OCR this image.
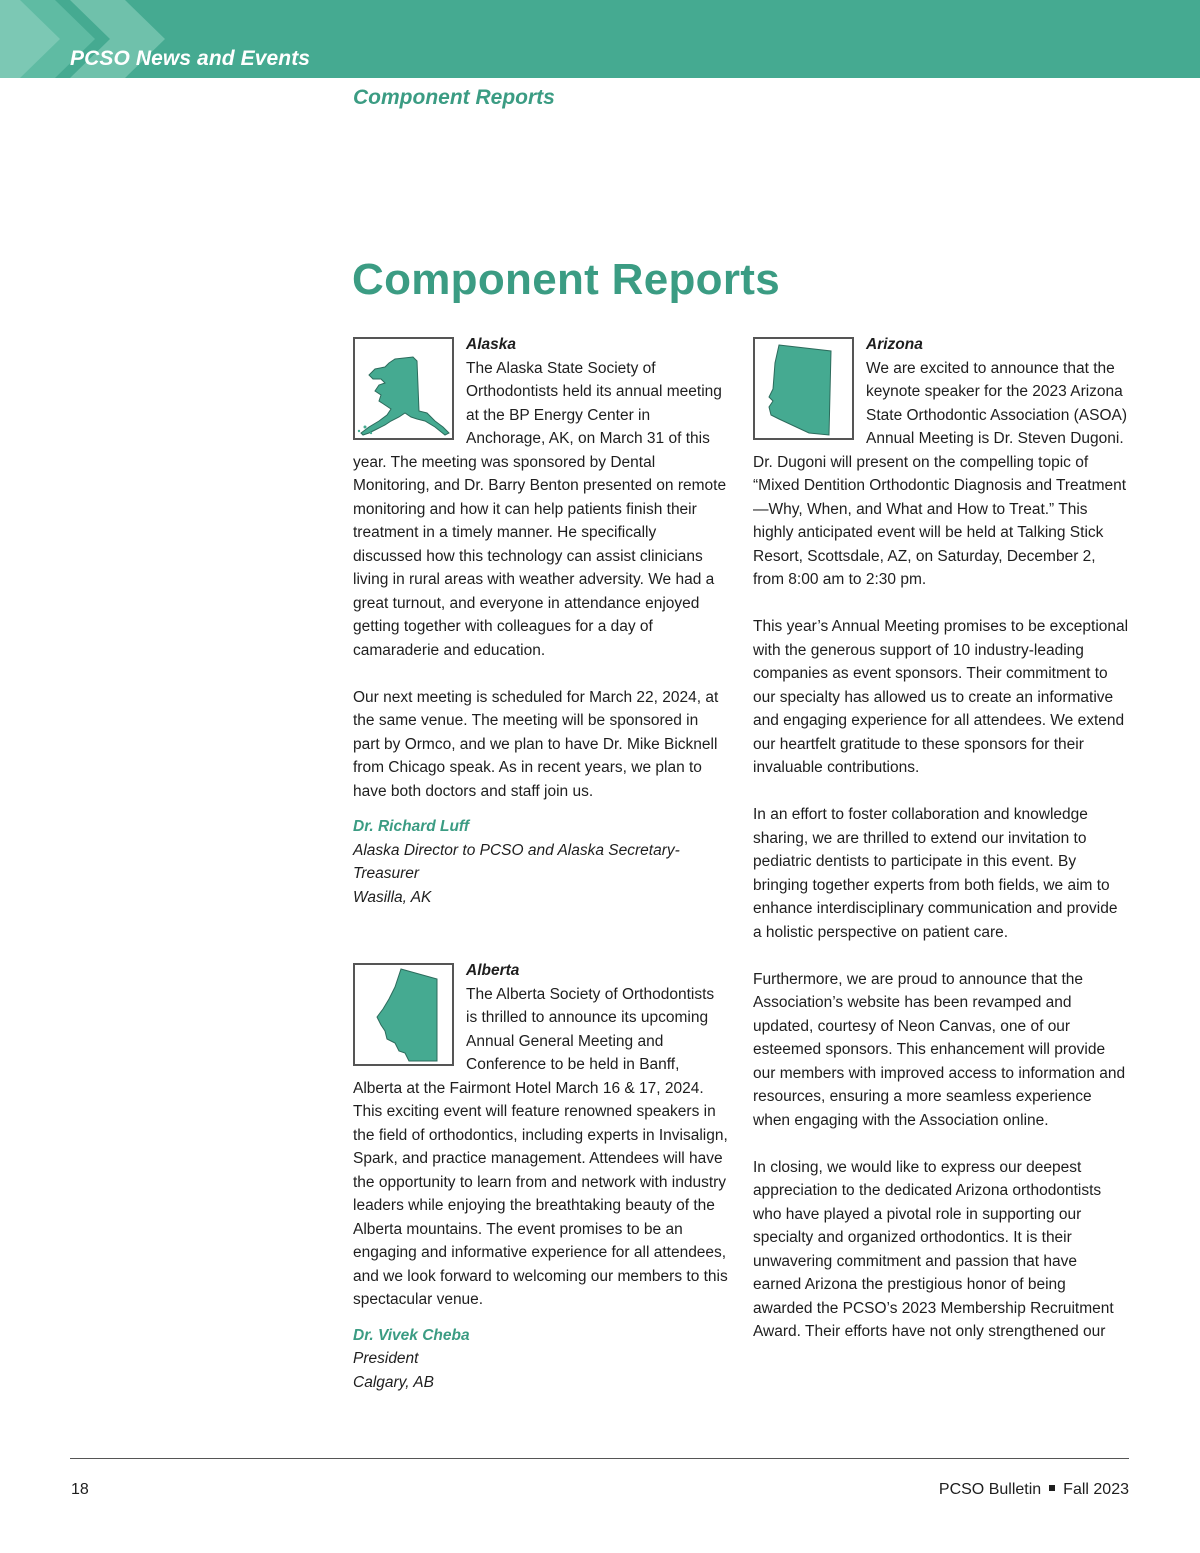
PCSO News and Events
Component Reports
Component Reports
Alaska

The Alaska State Society of Orthodontists held its annual meeting at the BP Energy Center in Anchorage, AK, on March 31 of this year. The meeting was sponsored by Dental Monitoring, and Dr. Barry Benton presented on remote monitoring and how it can help patients finish their treatment in a timely manner. He specifically discussed how this technology can assist clinicians living in rural areas with weather adversity. We had a great turnout, and everyone in attendance enjoyed getting together with colleagues for a day of camaraderie and education.

Our next meeting is scheduled for March 22, 2024, at the same venue. The meeting will be sponsored in part by Ormco, and we plan to have Dr. Mike Bicknell from Chicago speak. As in recent years, we plan to have both doctors and staff join us.

Dr. Richard Luff
Alaska Director to PCSO and Alaska Secretary-Treasurer
Wasilla, AK
Alberta

The Alberta Society of Orthodontists is thrilled to announce its upcoming Annual General Meeting and Conference to be held in Banff, Alberta at the Fairmont Hotel March 16 & 17, 2024. This exciting event will feature renowned speakers in the field of orthodontics, including experts in Invisalign, Spark, and practice management. Attendees will have the opportunity to learn from and network with industry leaders while enjoying the breathtaking beauty of the Alberta mountains. The event promises to be an engaging and informative experience for all attendees, and we look forward to welcoming our members to this spectacular venue.

Dr. Vivek Cheba
President
Calgary, AB
Arizona

We are excited to announce that the keynote speaker for the 2023 Arizona State Orthodontic Association (ASOA) Annual Meeting is Dr. Steven Dugoni. Dr. Dugoni will present on the compelling topic of “Mixed Dentition Orthodontic Diagnosis and Treatment—Why, When, and What and How to Treat.” This highly anticipated event will be held at Talking Stick Resort, Scottsdale, AZ, on Saturday, December 2, from 8:00 am to 2:30 pm.

This year’s Annual Meeting promises to be exceptional with the generous support of 10 industry-leading companies as event sponsors. Their commitment to our specialty has allowed us to create an informative and engaging experience for all attendees. We extend our heartfelt gratitude to these sponsors for their invaluable contributions.

In an effort to foster collaboration and knowledge sharing, we are thrilled to extend our invitation to pediatric dentists to participate in this event. By bringing together experts from both fields, we aim to enhance interdisciplinary communication and provide a holistic perspective on patient care.

Furthermore, we are proud to announce that the Association’s website has been revamped and updated, courtesy of Neon Canvas, one of our esteemed sponsors. This enhancement will provide our members with improved access to information and resources, ensuring a more seamless experience when engaging with the Association online.

In closing, we would like to express our deepest appreciation to the dedicated Arizona orthodontists who have played a pivotal role in supporting our specialty and organized orthodontics. It is their unwavering commitment and passion that have earned Arizona the prestigious honor of being awarded the PCSO’s 2023 Membership Recruitment Award. Their efforts have not only strengthened our

18	PCSO Bulletin Fall 2023
